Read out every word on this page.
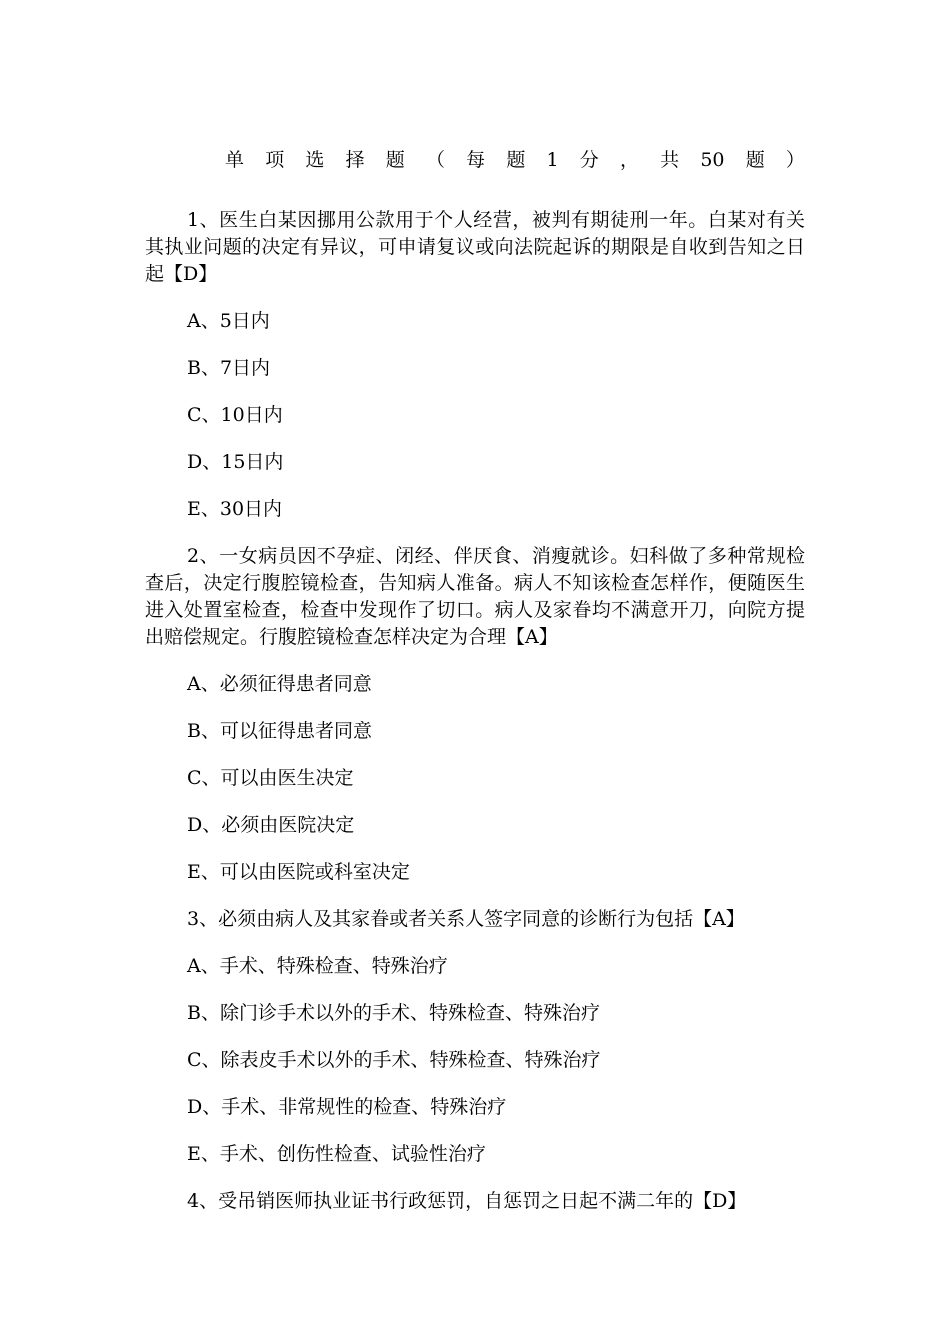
单 项 选 择 题 （ 每 题 1 分 ， 共 50 题 ）

1、医生白某因挪用公款用于个人经营，被判有期徒刑一年。白某对有关其执业问题的决定有异议，可申请复议或向法院起诉的期限是自收到告知之日起【D】

A、5日内

B、7日内

C、10日内

D、15日内

E、30日内

2、一女病员因不孕症、闭经、伴厌食、消瘦就诊。妇科做了多种常规检查后，决定行腹腔镜检查，告知病人准备。病人不知该检查怎样作，便随医生进入处置室检查，检查中发现作了切口。病人及家眷均不满意开刀，向院方提出赔偿规定。行腹腔镜检查怎样决定为合理【A】

A、必须征得患者同意

B、可以征得患者同意

C、可以由医生决定

D、必须由医院决定

E、可以由医院或科室决定

3、必须由病人及其家眷或者关系人签字同意的诊断行为包括【A】

A、手术、特殊检查、特殊治疗

B、除门诊手术以外的手术、特殊检查、特殊治疗

C、除表皮手术以外的手术、特殊检查、特殊治疗

D、手术、非常规性的检查、特殊治疗

E、手术、创伤性检查、试验性治疗

4、受吊销医师执业证书行政惩罚，自惩罚之日起不满二年的【D】
